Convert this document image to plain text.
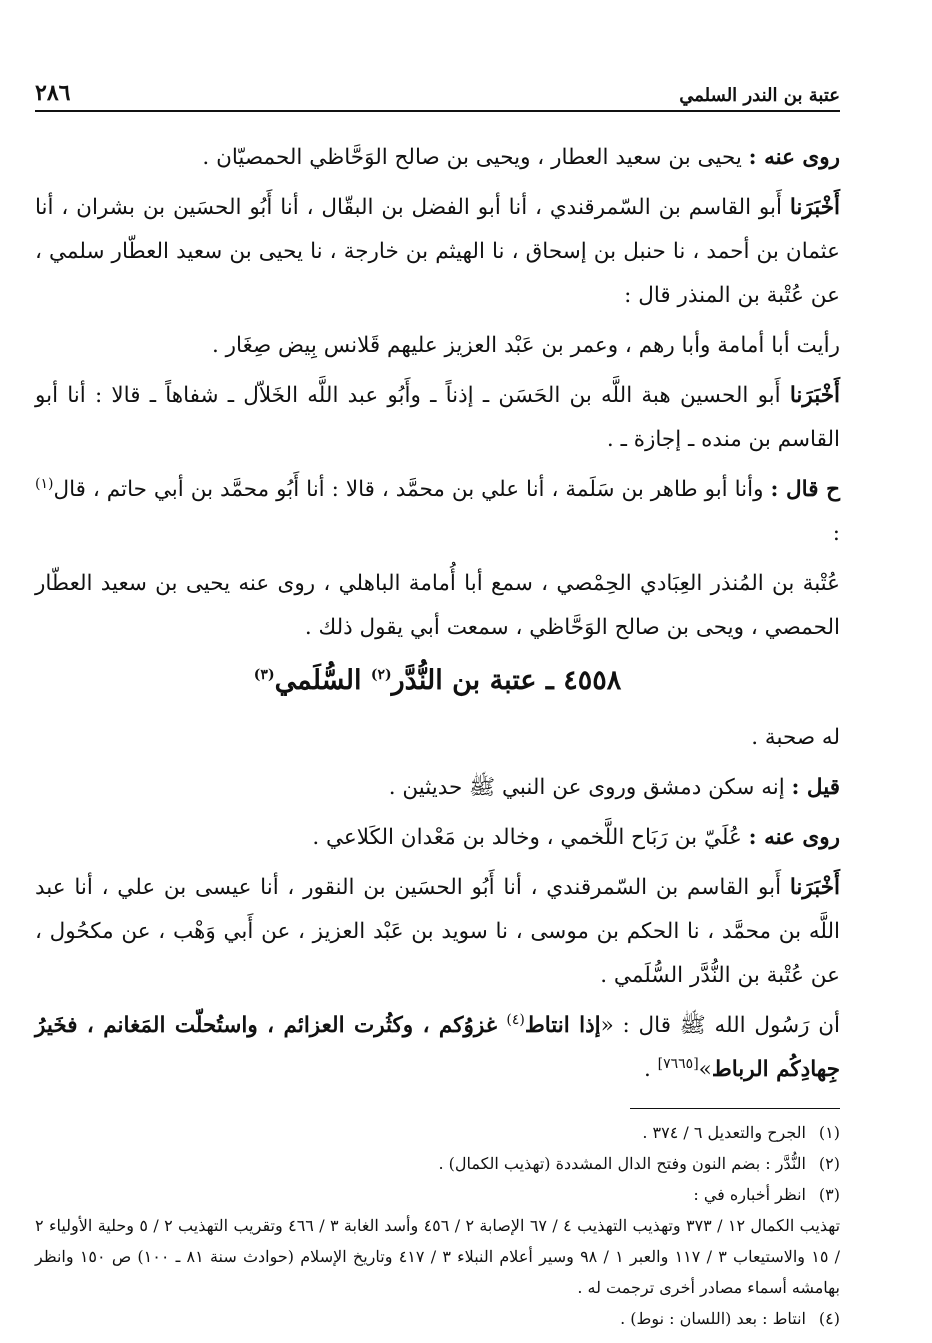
عتبة بن الندر السلمي
٢٨٦

روى عنه : يحيى بن سعيد العطار ، ويحيى بن صالح الوَحَّاظي الحمصيّان .

أَخْبَرَنا أَبو القاسم بن السّمرقندي ، أنا أبو الفضل بن البقّال ، أنا أَبُو الحسَين بن بشران ، أنا عثمان بن أحمد ، نا حنبل بن إسحاق ، نا الهيثم بن خارجة ، نا يحيى بن سعيد العطّار سلمي ، عن عُتْبة بن المنذر قال :

رأيت أبا أمامة وأبا رهم ، وعمر بن عَبْد العزيز عليهم قَلانس بِيض صِغَار .

أَخْبَرَنا أَبو الحسين هبة اللَّه بن الحَسَن ـ إذناً ـ وأَبُو عبد اللَّه الخَلاّل ـ شفاهاً ـ قالا : أنا أبو القاسم بن منده ـ إجازة ـ .

ح قال : وأنا أبو طاهر بن سَلَمة ، أنا علي بن محمَّد ، قالا : أنا أَبُو محمَّد بن أبي حاتم ، قال$^{(١)}$ :

عُتْبة بن المُنذر العِبَادي الحِمْصي ، سمع أبا أُمامة الباهلي ، روى عنه يحيى بن سعيد العطّار الحمصي ، ويحى بن صالح الوَحَّاظي ، سمعت أبي يقول ذلك .

٤٥٥٨ ـ عتبة بن النُّدَّر$^{(٢)}$ السُّلَمي$^{(٣)}$

له صحبة .

قيل : إنه سكن دمشق وروى عن النبي ﷺ حديثين .

روى عنه : عُلَيّ بن رَبَاح اللَّخمي ، وخالد بن مَعْدان الكَلاعي .

أَخْبَرَنا أَبو القاسم بن السّمرقندي ، أنا أَبُو الحسَين بن النقور ، أنا عيسى بن علي ، أنا عبد اللَّه بن محمَّد ، نا الحكم بن موسى ، نا سويد بن عَبْد العزيز ، عن أَبي وَهْب ، عن مكحُول ، عن عُتْبة بن النُّدَّر السُّلَمي .

أن رَسُول الله ﷺ قال : «إذا انتاط$^{(٤)}$ غزوُكم ، وكثُرت العزائم ، واستُحلّت المَغانم ، فخَيرُ جِهادِكُم الرباط»[٧٦٦٥] .

(١)
الجرح والتعديل ٦ / ٣٧٤ .
(٢)
النُّدَّر : بضم النون وفتح الدال المشددة (تهذيب الكمال) .
(٣)
انظر أخباره في :
تهذيب الكمال ١٢ / ٣٧٣ وتهذيب التهذيب ٤ / ٦٧ الإصابة ٢ / ٤٥٦ وأسد الغابة ٣ / ٤٦٦ وتقريب التهذيب ٢ / ٥ وحلية الأولياء ٢ / ١٥ والاستيعاب ٣ / ١١٧ والعبر ١ / ٩٨ وسير أعلام النبلاء ٣ / ٤١٧ وتاريخ الإسلام (حوادث سنة ٨١ ـ ١٠٠) ص ١٥٠ وانظر بهامشه أسماء مصادر أخرى ترجمت له .
(٤)
انتاط : بعد (اللسان : نوط) .
